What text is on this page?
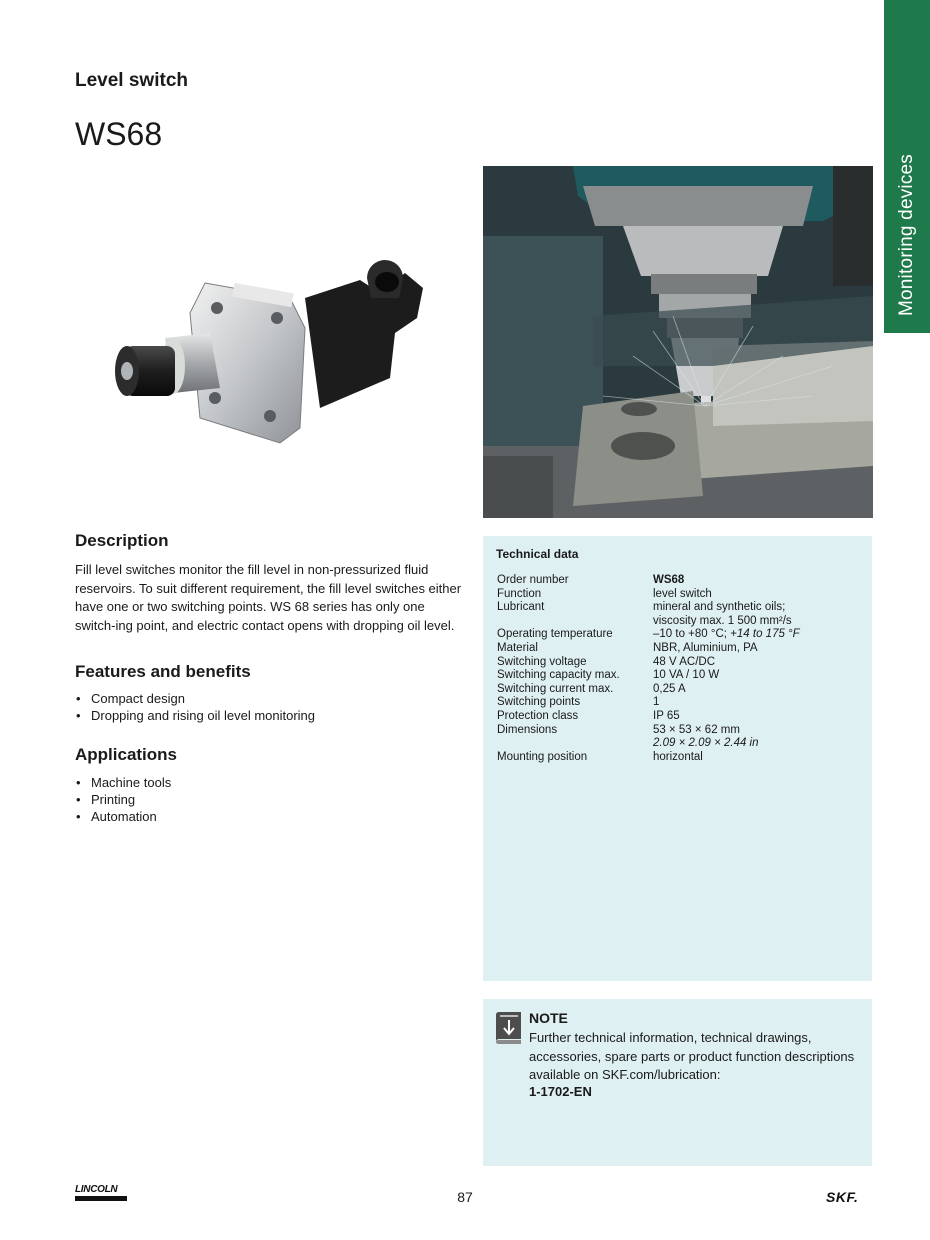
Monitoring devices
Level switch
WS68
Description
Fill level switches monitor the fill level in non-pressurized fluid reservoirs. To suit different requirement, the fill level switches either have one or two switching points. WS 68 series has only one switch-ing point, and electric contact opens with dropping oil level.
Features and benefits
• Compact design
• Dropping and rising oil level monitoring
Applications
• Machine tools
• Printing
• Automation
Technical data
Order number	WS68
Function	level switch
Lubricant	mineral and synthetic oils;
viscosity max. 1 500 mm²/s
Operating temperature	–10 to +80 °C; +14 to 175 °F
Material	NBR, Aluminium, PA
Switching voltage	48 V AC/DC
Switching capacity max.	10 VA / 10 W
Switching current max.	0,25 A
Switching points	1
Protection class	IP 65
Dimensions	53 × 53 × 62 mm
2.09 × 2.09 × 2.44 in
Mounting position	horizontal
NOTE
Further technical information, technical drawings, accessories, spare parts or product function descriptions available on SKF.com/lubrication:
1-1702-EN
LINCOLN	87	SKF.
